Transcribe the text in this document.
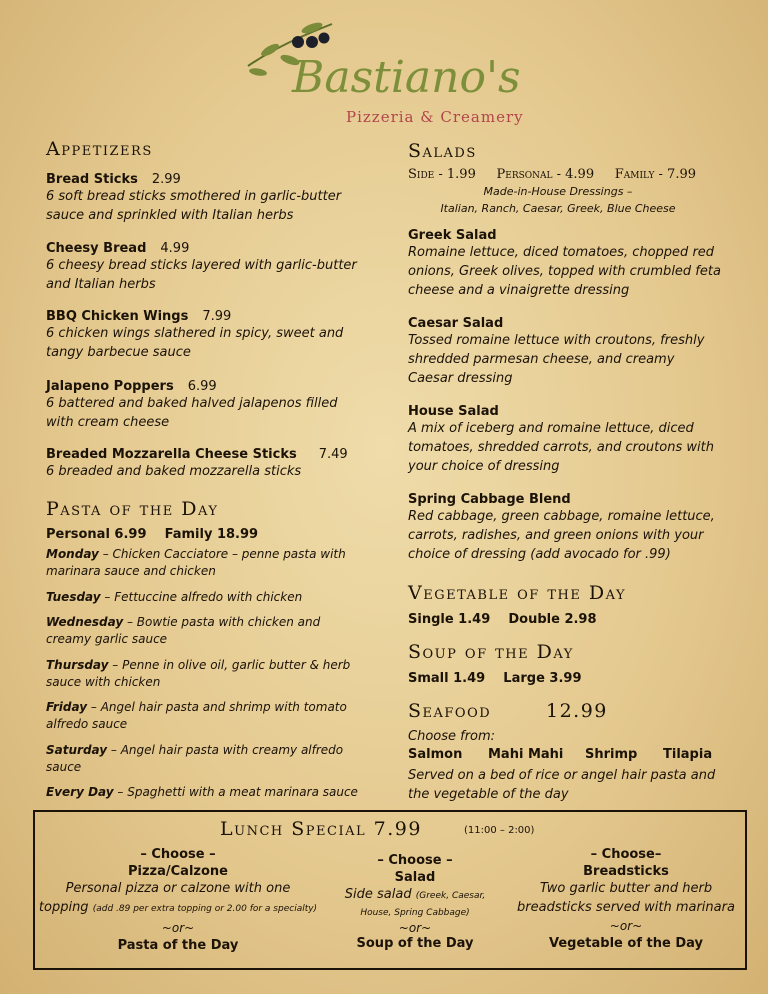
Bastiano's
Pizzeria & Creamery
Appetizers
Bread Sticks 2.99
6 soft bread sticks smothered in garlic-butter sauce and sprinkled with Italian herbs
Cheesy Bread 4.99
6 cheesy bread sticks layered with garlic-butter and Italian herbs
BBQ Chicken Wings 7.99
6 chicken wings slathered in spicy, sweet and tangy barbecue sauce
Jalapeno Poppers 6.99
6 battered and baked halved jalapenos filled with cream cheese
Breaded Mozzarella Cheese Sticks 7.49
6 breaded and baked mozzarella sticks
Pasta of the Day
Personal 6.99    Family 18.99
Monday – Chicken Cacciatore – penne pasta with marinara sauce and chicken
Tuesday – Fettuccine alfredo with chicken
Wednesday – Bowtie pasta with chicken and creamy garlic sauce
Thursday – Penne in olive oil, garlic butter & herb sauce with chicken
Friday – Angel hair pasta and shrimp with tomato alfredo sauce
Saturday – Angel hair pasta with creamy alfredo sauce
Every Day – Spaghetti with a meat marinara sauce
Salads
Side - 1.99     Personal - 4.99     Family - 7.99
Made-in-House Dressings –
Italian, Ranch, Caesar, Greek, Blue Cheese
Greek Salad
Romaine lettuce, diced tomatoes, chopped red onions, Greek olives, topped with crumbled feta cheese and a vinaigrette dressing
Caesar Salad
Tossed romaine lettuce with croutons, freshly shredded parmesan cheese, and creamy Caesar dressing
House Salad
A mix of iceberg and romaine lettuce, diced tomatoes, shredded carrots, and croutons with your choice of dressing
Spring Cabbage Blend
Red cabbage, green cabbage, romaine lettuce, carrots, radishes, and green onions with your choice of dressing (add avocado for .99)
Vegetable of the Day
Single 1.49    Double 2.98
Soup of the Day
Small 1.49    Large 3.99
Seafood	12.99
Choose from:
Salmon Mahi Mahi Shrimp Tilapia
Served on a bed of rice or angel hair pasta and the vegetable of the day
Lunch Special 7.99	(11:00 – 2:00)
– Choose –
Pizza/Calzone
Personal pizza or calzone with one
topping (add .89 per extra topping or 2.00 for a specialty)
~or~
Pasta of the Day
– Choose –
Salad
Side salad (Greek, Caesar,
House, Spring Cabbage)
~or~
Soup of the Day
– Choose–
Breadsticks
Two garlic butter and herb
breadsticks served with marinara
~or~
Vegetable of the Day
